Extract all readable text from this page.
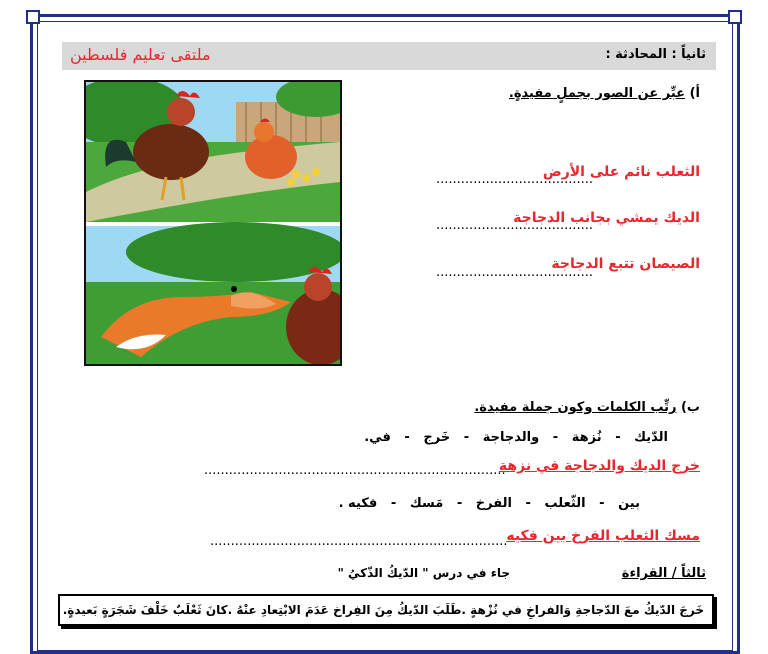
ثانياً : المحادثة :
ملتقى تعليم فلسطين
أ) عبِّر عن الصور بجملٍ مفيدةٍ.
......................................
الثعلب نائم على الأرض
......................................
الديك يمشي بجانب الدجاجة
......................................
الصيصان تتبع الدجاجة
ب) رتِّب الكلمات وكون جملة مفيدة.
الدّيك   -   نُزهة   -   والدجاجة   -   خَرج   -   في.
.........................................................................
خرج الديك والدجاجة في نزهة
بين   -   الثّعلب   -   الفرخ   -   مَسك   -   فكيه .
........................................................................
مسك الثعلب الفرخ بين فكيه
ثالثاً / القراءة
جاء في درس " الدّيكُ الذّكيُ "
خَرجَ الدّيكُ معَ الدّجاجةِ وَالفراخِ في نُزْهةٍ .طَلَبَ الدّيكُ مِنَ الفِراخ عَدَمَ الابْتِعادِ عنْهُ .كانَ ثَعْلَبٌ خَلْفَ شَجَرَةٍ بَعيدةٍ.
